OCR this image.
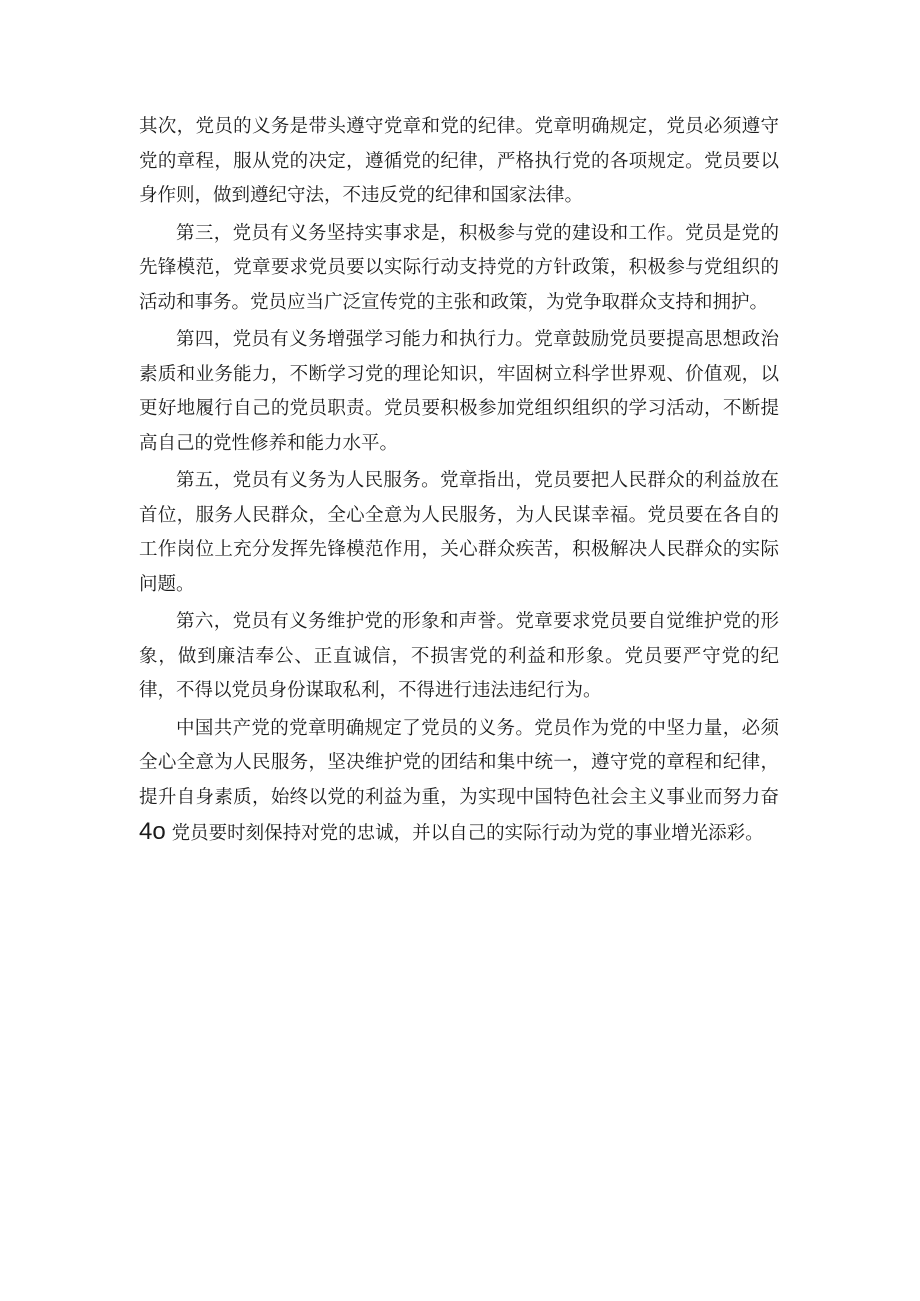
其次，党员的义务是带头遵守党章和党的纪律。党章明确规定，党员必须遵守党的章程，服从党的决定，遵循党的纪律，严格执行党的各项规定。党员要以身作则，做到遵纪守法，不违反党的纪律和国家法律。

第三，党员有义务坚持实事求是，积极参与党的建设和工作。党员是党的先锋模范，党章要求党员要以实际行动支持党的方针政策，积极参与党组织的活动和事务。党员应当广泛宣传党的主张和政策，为党争取群众支持和拥护。

第四，党员有义务增强学习能力和执行力。党章鼓励党员要提高思想政治素质和业务能力，不断学习党的理论知识，牢固树立科学世界观、价值观，以更好地履行自己的党员职责。党员要积极参加党组织组织的学习活动，不断提高自己的党性修养和能力水平。

第五，党员有义务为人民服务。党章指出，党员要把人民群众的利益放在首位，服务人民群众，全心全意为人民服务，为人民谋幸福。党员要在各自的工作岗位上充分发挥先锋模范作用，关心群众疾苦，积极解决人民群众的实际问题。

第六，党员有义务维护党的形象和声誉。党章要求党员要自觉维护党的形象，做到廉洁奉公、正直诚信，不损害党的利益和形象。党员要严守党的纪律，不得以党员身份谋取私利，不得进行违法违纪行为。

中国共产党的党章明确规定了党员的义务。党员作为党的中坚力量，必须全心全意为人民服务，坚决维护党的团结和集中统一，遵守党的章程和纪律，提升自身素质，始终以党的利益为重，为实现中国特色社会主义事业而努力奋4o 党员要时刻保持对党的忠诚，并以自己的实际行动为党的事业增光添彩。
